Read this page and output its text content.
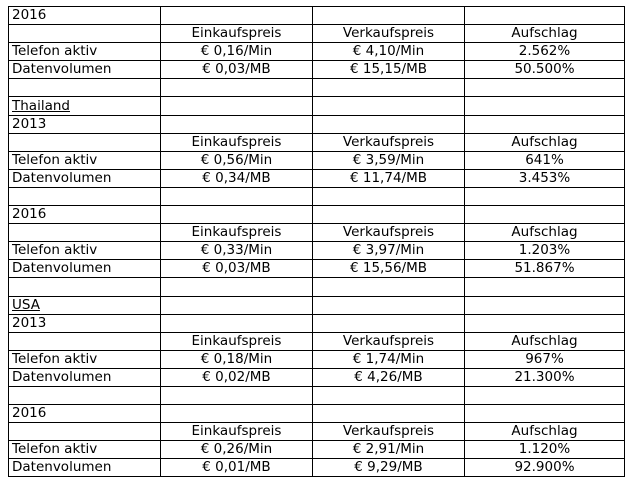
2016			
	Einkaufspreis	Verkaufspreis	Aufschlag
Telefon aktiv	€ 0,16/Min	€ 4,10/Min	2.562%
Datenvolumen	€ 0,03/MB	€ 15,15/MB	50.500%

Thailand			
2013			
	Einkaufspreis	Verkaufspreis	Aufschlag
Telefon aktiv	€ 0,56/Min	€ 3,59/Min	641%
Datenvolumen	€ 0,34/MB	€ 11,74/MB	3.453%

2016			
	Einkaufspreis	Verkaufspreis	Aufschlag
Telefon aktiv	€ 0,33/Min	€ 3,97/Min	1.203%
Datenvolumen	€ 0,03/MB	€ 15,56/MB	51.867%

USA			
2013			
	Einkaufspreis	Verkaufspreis	Aufschlag
Telefon aktiv	€ 0,18/Min	€ 1,74/Min	967%
Datenvolumen	€ 0,02/MB	€ 4,26/MB	21.300%

2016			
	Einkaufspreis	Verkaufspreis	Aufschlag
Telefon aktiv	€ 0,26/Min	€ 2,91/Min	1.120%
Datenvolumen	€ 0,01/MB	€ 9,29/MB	92.900%
